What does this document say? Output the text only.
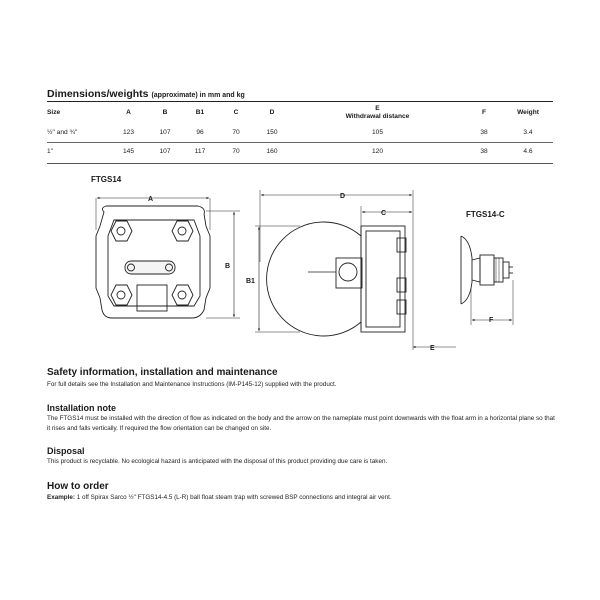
Dimensions/weights (approximate) in mm and kg
Size	A	B	B1	C	D	E
Withdrawal distance	F	Weight
½" and ¾"	123	107	96	70	150	105	38	3.4
1"	145	107	117	70	160	120	38	4.6
FTGS14
FTGS14-C
A
B
D
C
B1
E
F
Safety information, installation and maintenance
For full details see the Installation and Maintenance Instructions (IM-P145-12) supplied with the product.
Installation note
The FTGS14 must be installed with the direction of flow as indicated on the body and the arrow on the nameplate must point downwards with the float arm in a horizontal plane so that it rises and falls vertically. If required the flow orientation can be changed on site.
Disposal
This product is recyclable. No ecological hazard is anticipated with the disposal of this product providing due care is taken.
How to order
Example: 1 off Spirax Sarco ½" FTGS14-4.5 (L-R) ball float steam trap with screwed BSP connections and integral air vent.
